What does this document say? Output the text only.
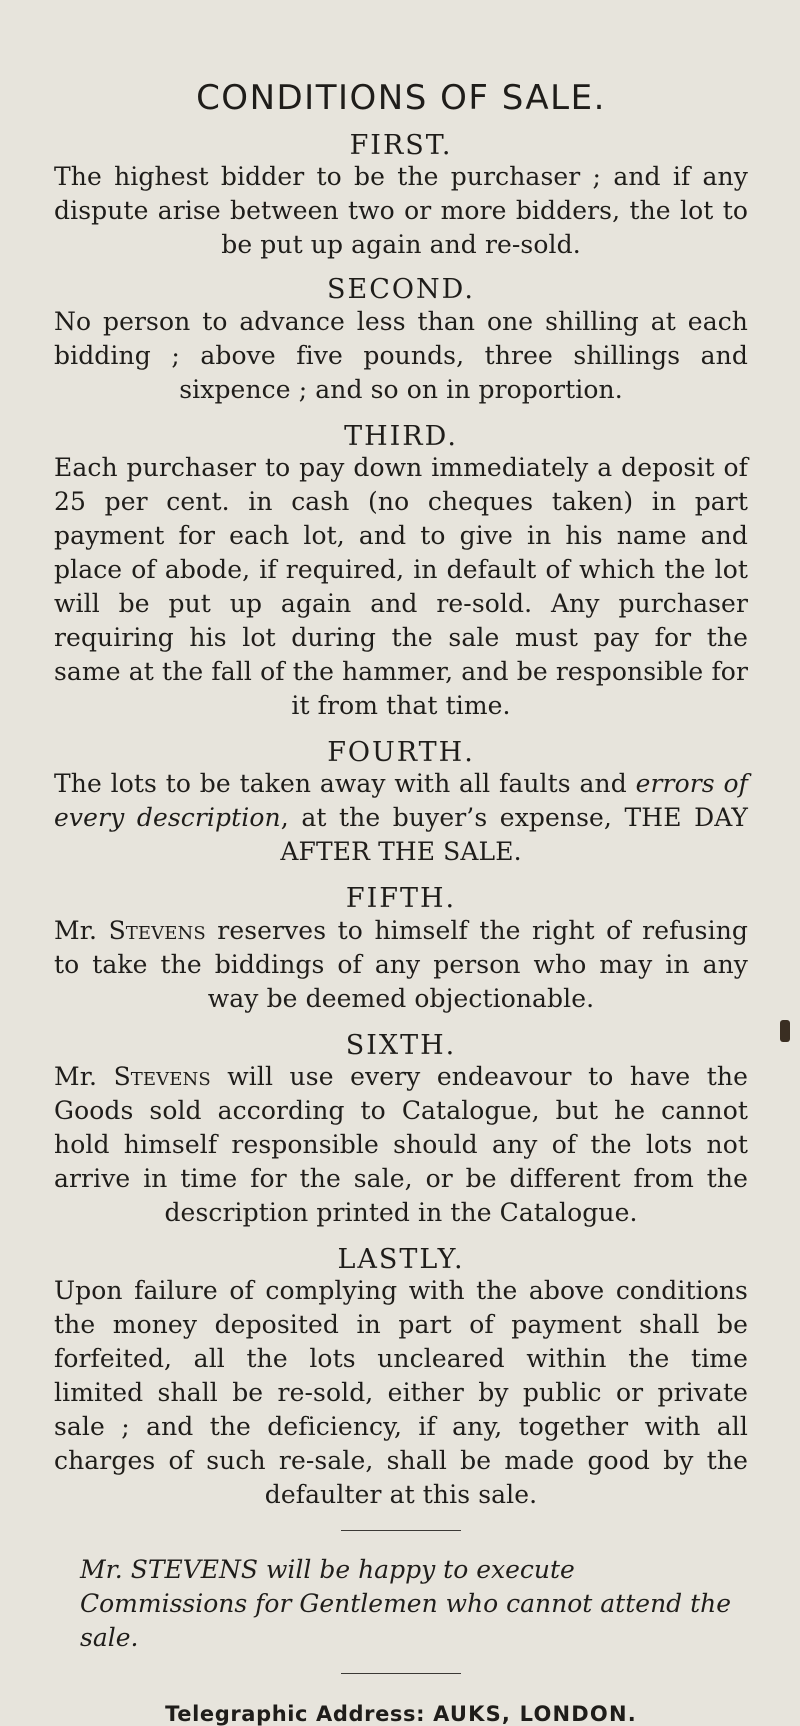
CONDITIONS OF SALE.
FIRST.

The highest bidder to be the purchaser ; and if any dispute arise between two or more bidders, the lot to be put up again and re-sold.

SECOND.

No person to advance less than one shilling at each bidding ; above five pounds, three shillings and sixpence ; and so on in proportion.

THIRD.

Each purchaser to pay down immediately a deposit of 25 per cent. in cash (no cheques taken) in part payment for each lot, and to give in his name and place of abode, if required, in default of which the lot will be put up again and re-sold. Any purchaser requiring his lot during the sale must pay for the same at the fall of the hammer, and be responsible for it from that time.

FOURTH.

The lots to be taken away with all faults and errors of every description, at the buyer’s expense, THE DAY AFTER THE SALE.

FIFTH.

Mr. Stevens reserves to himself the right of refusing to take the biddings of any person who may in any way be deemed objectionable.

SIXTH.

Mr. Stevens will use every endeavour to have the Goods sold according to Catalogue, but he cannot hold himself responsible should any of the lots not arrive in time for the sale, or be different from the description printed in the Catalogue.

LASTLY.

Upon failure of complying with the above conditions the money deposited in part of payment shall be forfeited, all the lots uncleared within the time limited shall be re-sold, either by public or private sale ; and the deficiency, if any, together with all charges of such re-sale, shall be made good by the defaulter at this sale.

Mr. STEVENS will be happy to execute Commissions for Gentlemen who cannot attend the sale.

Telegraphic Address: AUKS, LONDON.
